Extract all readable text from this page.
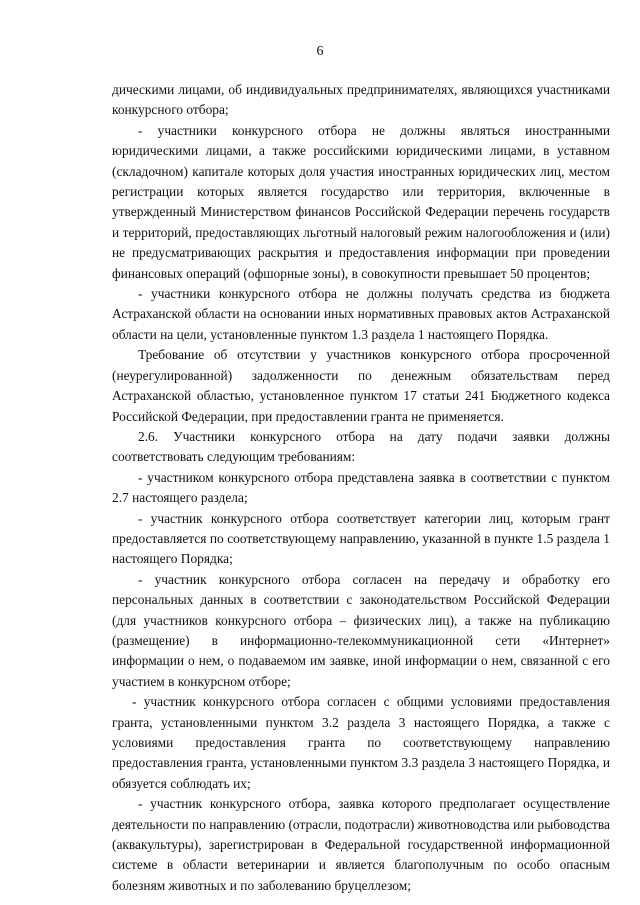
6

дическими лицами, об индивидуальных предпринимателях, являющихся участниками конкурсного отбора;

- участники конкурсного отбора не должны являться иностранными юридическими лицами, а также российскими юридическими лицами, в уставном (складочном) капитале которых доля участия иностранных юридических лиц, местом регистрации которых является государство или территория, включенные в утвержденный Министерством финансов Российской Федерации перечень государств и территорий, предоставляющих льготный налоговый режим налогообложения и (или) не предусматривающих раскрытия и предоставления информации при проведении финансовых операций (офшорные зоны), в совокупности превышает 50 процентов;

- участники конкурсного отбора не должны получать средства из бюджета Астраханской области на основании иных нормативных правовых актов Астраханской области на цели, установленные пунктом 1.3 раздела 1 настоящего Порядка.

Требование об отсутствии у участников конкурсного отбора просроченной (неурегулированной) задолженности по денежным обязательствам перед Астраханской областью, установленное пунктом 17 статьи 241 Бюджетного кодекса Российской Федерации, при предоставлении гранта не применяется.

2.6. Участники конкурсного отбора на дату подачи заявки должны соответствовать следующим требованиям:

- участником конкурсного отбора представлена заявка в соответствии с пунктом 2.7 настоящего раздела;

- участник конкурсного отбора соответствует категории лиц, которым грант предоставляется по соответствующему направлению, указанной в пункте 1.5 раздела 1 настоящего Порядка;

- участник конкурсного отбора согласен на передачу и обработку его персональных данных в соответствии с законодательством Российской Федерации (для участников конкурсного отбора – физических лиц), а также на публикацию (размещение) в информационно-телекоммуникационной сети «Интернет» информации о нем, о подаваемом им заявке, иной информации о нем, связанной с его участием в конкурсном отборе;

- участник конкурсного отбора согласен с общими условиями предоставления гранта, установленными пунктом 3.2 раздела 3 настоящего Порядка, а также с условиями предоставления гранта по соответствующему направлению предоставления гранта, установленными пунктом 3.3 раздела 3 настоящего Порядка, и обязуется соблюдать их;

- участник конкурсного отбора, заявка которого предполагает осуществление деятельности по направлению (отрасли, подотрасли) животноводства или рыбоводства (аквакультуры), зарегистрирован в Федеральной государственной информационной системе в области ветеринарии и является благополучным по особо опасным болезням животных и по заболеванию бруцеллезом;
